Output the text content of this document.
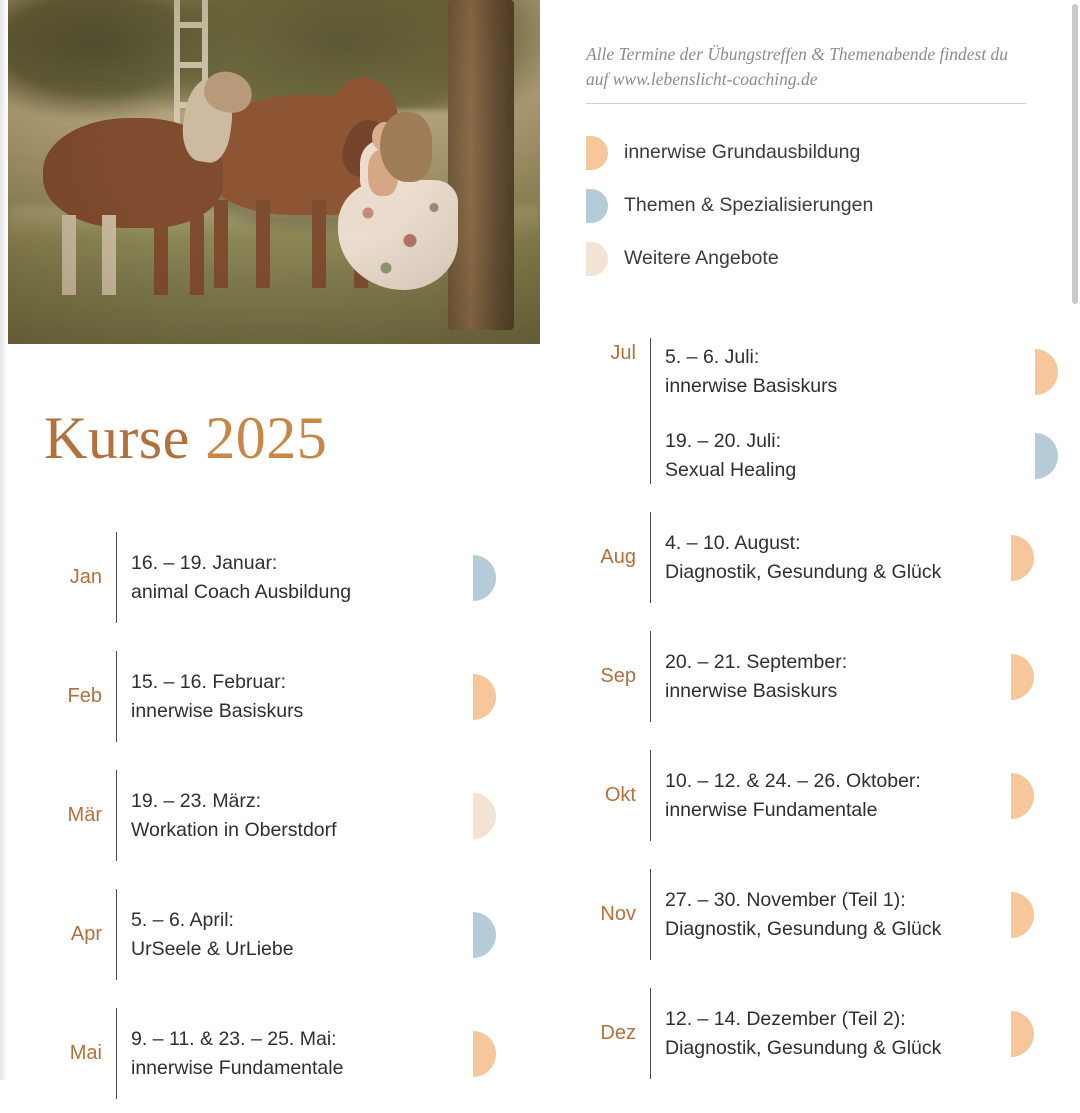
Kurse 2025
Alle Termine der Übungstreffen & Themenabende findest du auf www.lebenslicht-coaching.de
innerwise Grundausbildung
Themen & Spezialisierungen
Weitere Angebote
Jan
16. – 19. Januar:
animal Coach Ausbildung
Feb
15. – 16. Februar:
innerwise Basiskurs
Mär
19. – 23. März:
Workation in Oberstdorf
Apr
5. – 6. April:
UrSeele & UrLiebe
Mai
9. – 11. & 23. – 25. Mai:
innerwise Fundamentale
Jul	5. – 6. Juli:
innerwise Basiskurs
19. – 20. Juli:
Sexual Healing
Aug
4. – 10. August:
Diagnostik, Gesundung & Glück
Sep
20. – 21. September:
innerwise Basiskurs
Okt
10. – 12. & 24. – 26. Oktober:
innerwise Fundamentale
Nov
27. – 30. November (Teil 1):
Diagnostik, Gesundung & Glück
Dez
12. – 14. Dezember (Teil 2):
Diagnostik, Gesundung & Glück
